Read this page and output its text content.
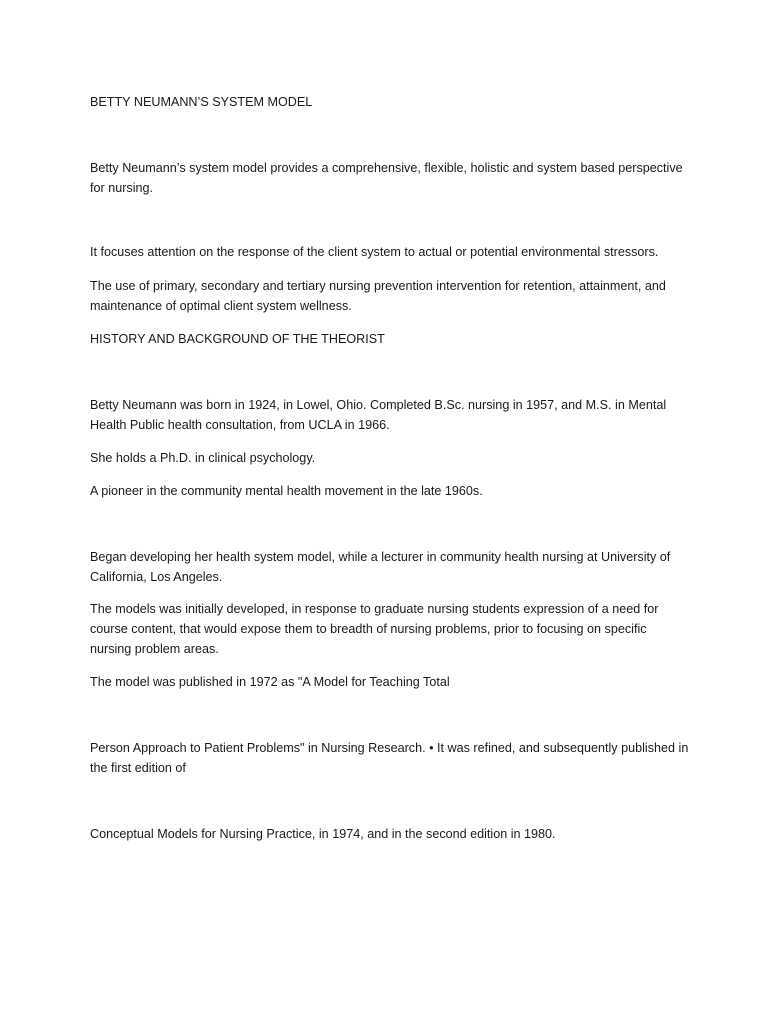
BETTY NEUMANN’S SYSTEM MODEL

Betty Neumann’s system model provides a comprehensive, flexible, holistic and system based perspective for nursing.

It focuses attention on the response of the client system to actual or potential environmental stressors.

The use of primary, secondary and tertiary nursing prevention intervention for retention, attainment, and maintenance of optimal client system wellness.

HISTORY AND BACKGROUND OF THE THEORIST

Betty Neumann was born in 1924, in Lowel, Ohio. Completed B.Sc. nursing in 1957, and M.S. in Mental Health Public health consultation, from UCLA in 1966.

She holds a Ph.D. in clinical psychology.

A pioneer in the community mental health movement in the late 1960s.

Began developing her health system model, while a lecturer in community health nursing at University of California, Los Angeles.

The models was initially developed, in response to graduate nursing students expression of a need for course content, that would expose them to breadth of nursing problems, prior to focusing on specific nursing problem areas.

The model was published in 1972 as "A Model for Teaching Total

Person Approach to Patient Problems" in Nursing Research. • It was refined, and subsequently published in the first edition of

Conceptual Models for Nursing Practice, in 1974, and in the second edition in 1980.
